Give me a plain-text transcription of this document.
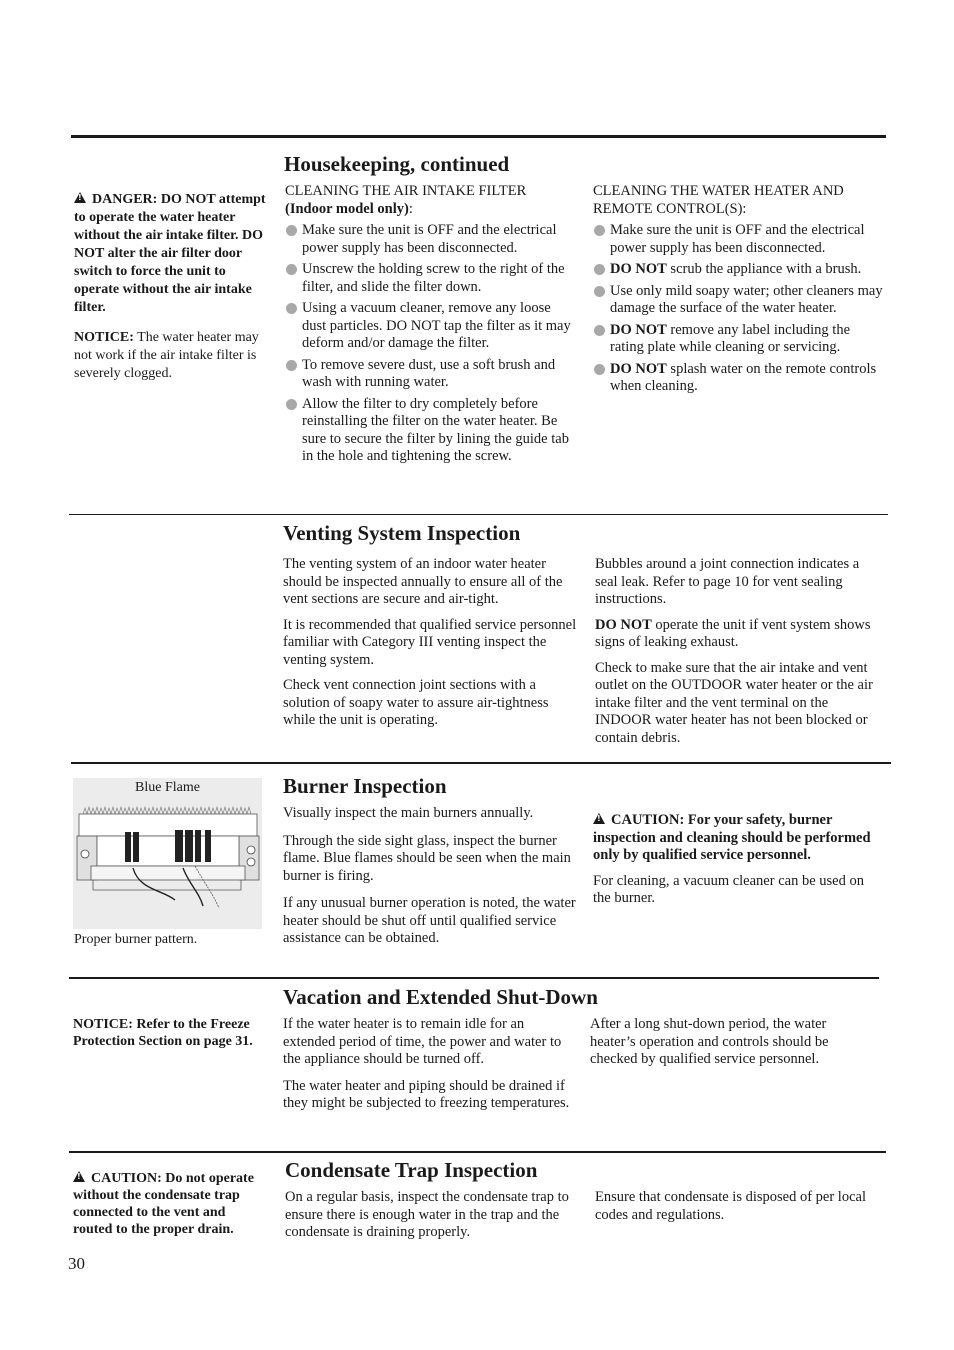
Housekeeping, continued
!DANGER: DO NOT attempt to operate the water heater without the air intake filter. DO NOT alter the air filter door switch to force the unit to operate without the air intake filter.
NOTICE: The water heater may not work if the air intake filter is severely clogged.
CLEANING THE AIR INTAKE FILTER
(Indoor model only):
Make sure the unit is OFF and the electrical power supply has been disconnected.
Unscrew the holding screw to the right of the filter, and slide the filter down.
Using a vacuum cleaner, remove any loose dust particles. DO NOT tap the filter as it may deform and/or damage the filter.
To remove severe dust, use a soft brush and wash with running water.
Allow the filter to dry completely before reinstalling the filter on the water heater. Be sure to secure the filter by lining the guide tab in the hole and tightening the screw.
CLEANING THE WATER HEATER AND REMOTE CONTROL(S):
Make sure the unit is OFF and the electrical power supply has been disconnected.
DO NOT scrub the appliance with a brush.
Use only mild soapy water; other cleaners may damage the surface of the water heater.
DO NOT remove any label including the rating plate while cleaning or servicing.
DO NOT splash water on the remote controls when cleaning.
Venting System Inspection

The venting system of an indoor water heater should be inspected annually to ensure all of the vent sections are secure and air-tight.

It is recommended that qualified service personnel familiar with Category III venting inspect the venting system.

Check vent connection joint sections with a solution of soapy water to assure air-tightness while the unit is operating.

Bubbles around a joint connection indicates a seal leak. Refer to page 10 for vent sealing instructions.

DO NOT operate the unit if vent system shows signs of leaking exhaust.

Check to make sure that the air intake and vent outlet on the OUTDOOR water heater or the air intake filter and the vent terminal on the INDOOR water heater has not been blocked or contain debris.

Blue Flame
Proper burner pattern.
Burner Inspection

Visually inspect the main burners annually.

Through the side sight glass, inspect the burner flame. Blue flames should be seen when the main burner is firing.

If any unusual burner operation is noted, the water heater should be shut off until qualified service assistance can be obtained.

!CAUTION: For your safety, burner inspection and cleaning should be performed only by qualified service personnel.

For cleaning, a vacuum cleaner can be used on the burner.

Vacation and Extended Shut-Down
NOTICE: Refer to the Freeze Protection Section on page 31.

If the water heater is to remain idle for an extended period of time, the power and water to the appliance should be turned off.

The water heater and piping should be drained if they might be subjected to freezing temperatures.

After a long shut-down period, the water heater’s operation and controls should be checked by qualified service personnel.
Condensate Trap Inspection
!CAUTION: Do not operate without the condensate trap connected to the vent and routed to the proper drain.
On a regular basis, inspect the condensate trap to ensure there is enough water in the trap and the condensate is draining properly.
Ensure that condensate is disposed of per local codes and regulations.
30
